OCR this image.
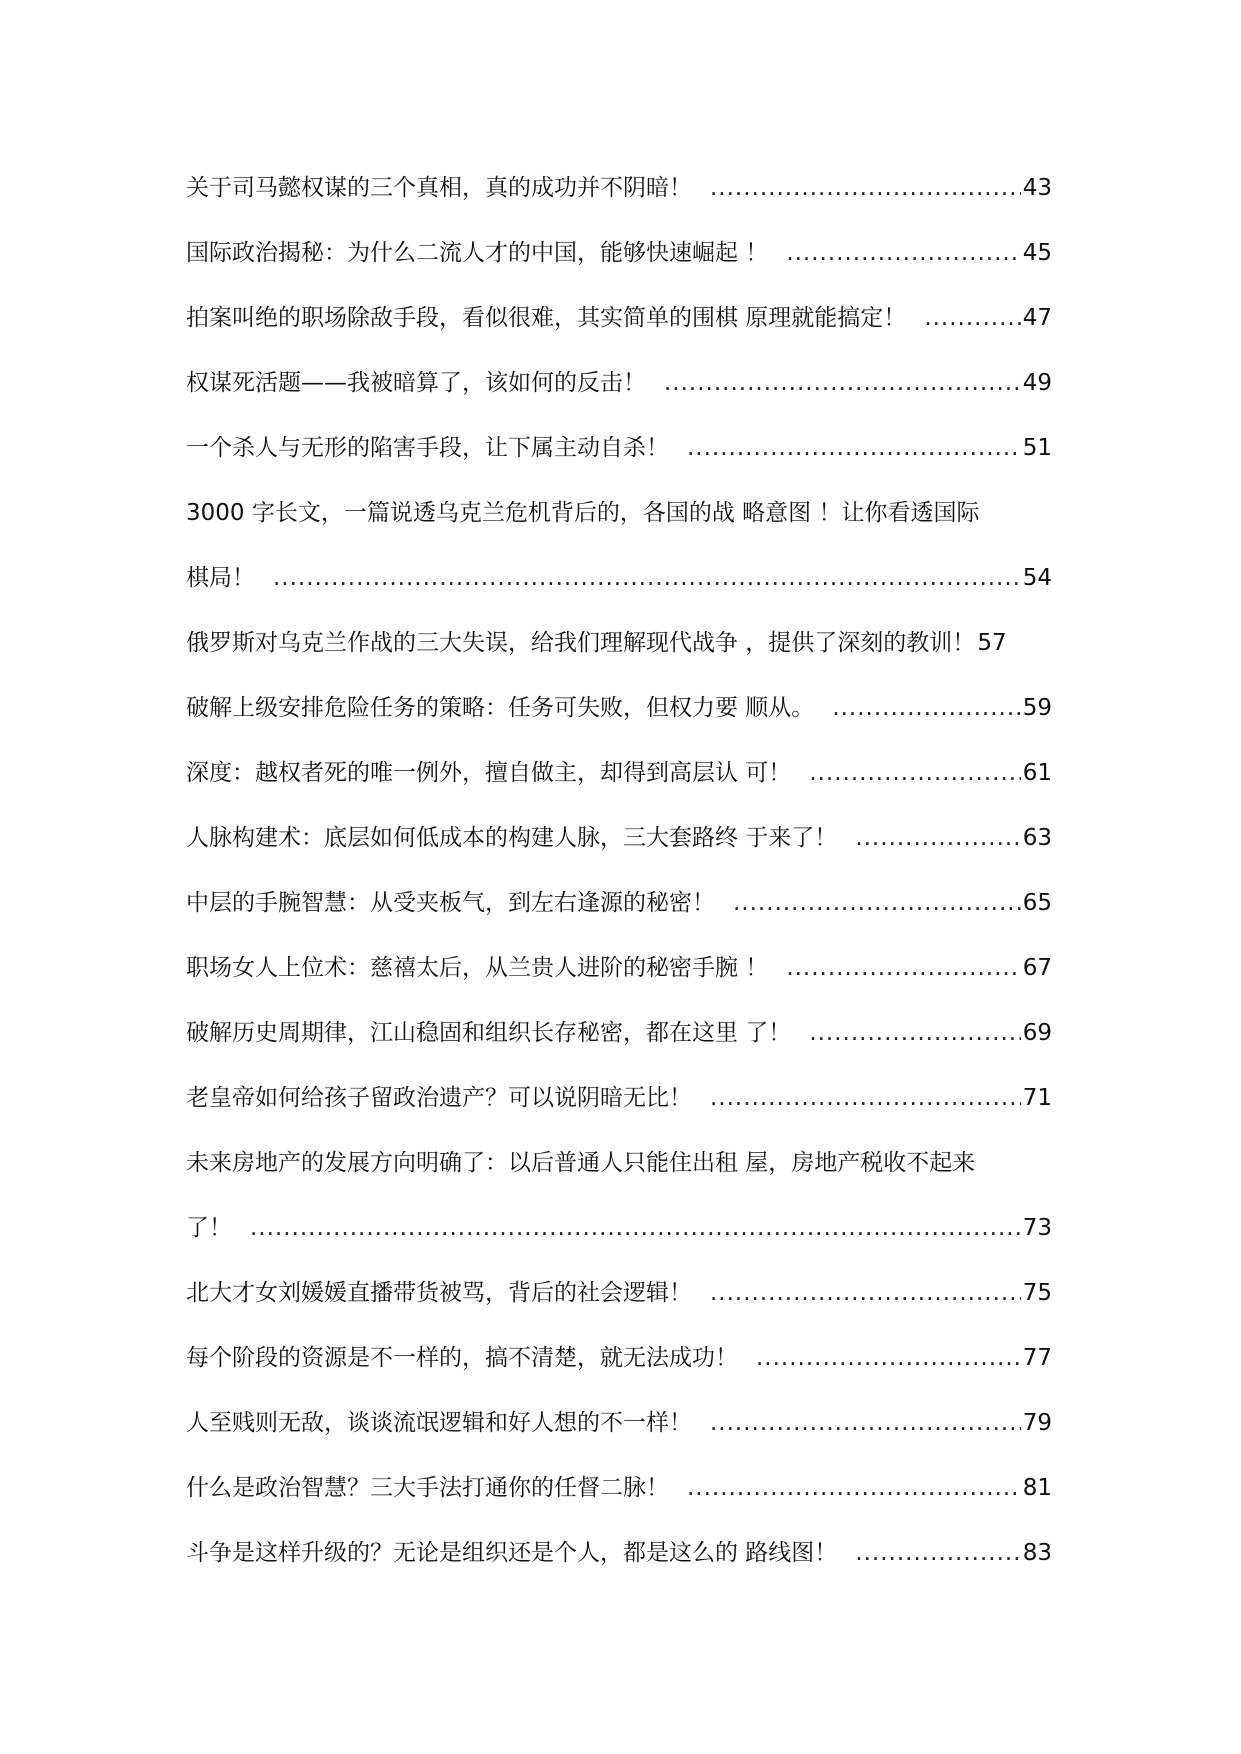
关于司马懿权谋的三个真相，真的成功并不阴暗！ .....	43
国际政治揭秘：为什么二流人才的中国，能够快速崛起 ！ .....	45
拍案叫绝的职场除敌手段，看似很难，其实简单的围棋 原理就能搞定！ .....	47
权谋死活题——我被暗算了，该如何的反击！ .....	49
一个杀人与无形的陷害手段，让下属主动自杀！ .....	51
3000 字长文，一篇说透乌克兰危机背后的，各国的战 略意图 ！让你看透国际
棋局！ .....	54
俄罗斯对乌克兰作战的三大失误，给我们理解现代战争 ，提供了深刻的教训！ 57
破解上级安排危险任务的策略：任务可失败，但权力要 顺从。 .....	59
深度：越权者死的唯一例外，擅自做主，却得到高层认 可！ .....	61
人脉构建术：底层如何低成本的构建人脉，三大套路终 于来了！ .....	63
中层的手腕智慧：从受夹板气，到左右逢源的秘密！ .....	65
职场女人上位术：慈禧太后，从兰贵人进阶的秘密手腕 ！ .....	67
破解历史周期律，江山稳固和组织长存秘密，都在这里 了！ .....	69
老皇帝如何给孩子留政治遗产？可以说阴暗无比！ .....	71
未来房地产的发展方向明确了：以后普通人只能住出租 屋，房地产税收不起来
了！ .....	73
北大才女刘媛媛直播带货被骂，背后的社会逻辑！ .....	75
每个阶段的资源是不一样的，搞不清楚，就无法成功！ .....	77
人至贱则无敌，谈谈流氓逻辑和好人想的不一样！ .....	79
什么是政治智慧？三大手法打通你的任督二脉！ .....	81
斗争是这样升级的？无论是组织还是个人，都是这么的 路线图！ .....	83
